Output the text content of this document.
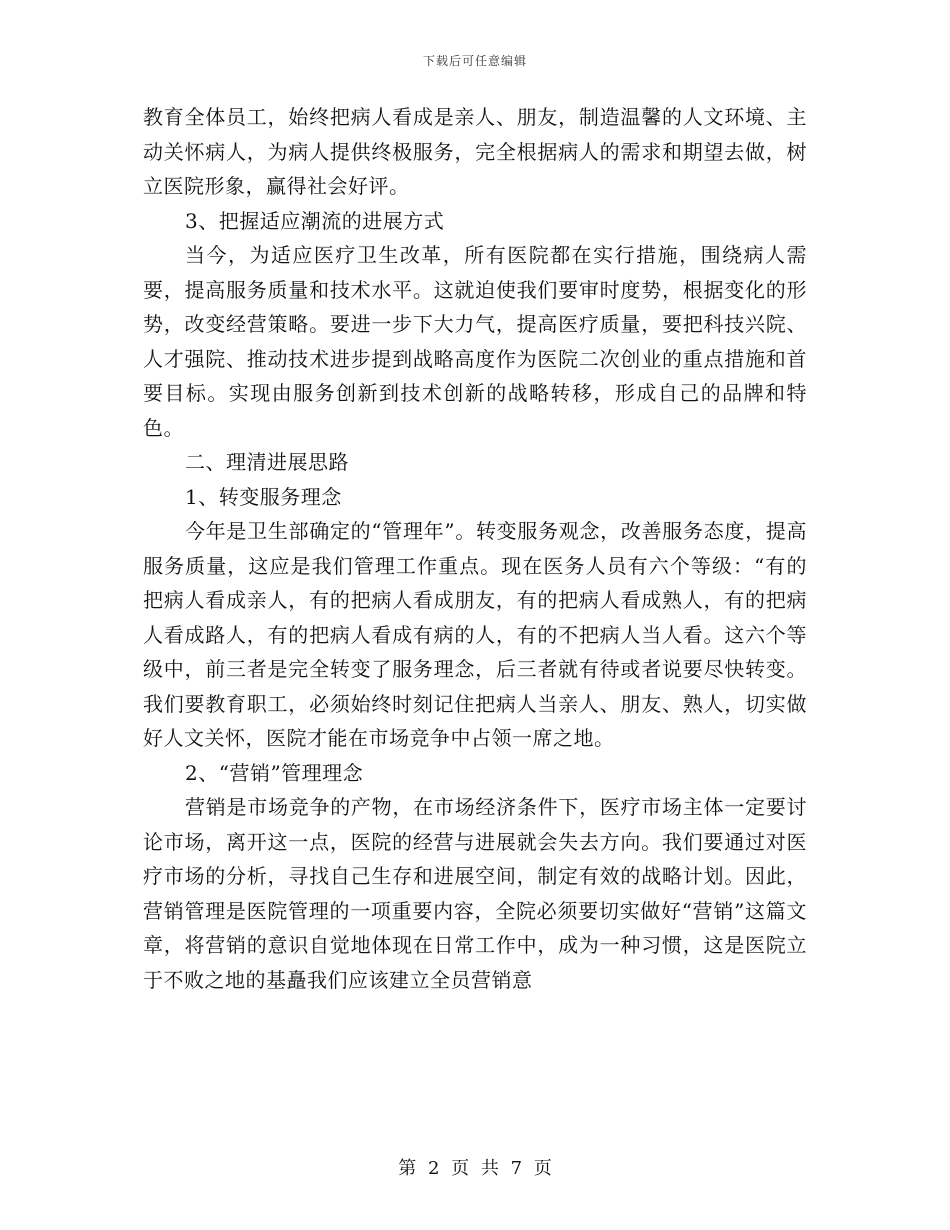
下载后可任意编辑

教育全体员工，始终把病人看成是亲人、朋友，制造温馨的人文环境、主动关怀病人，为病人提供终极服务，完全根据病人的需求和期望去做，树立医院形象，赢得社会好评。

3、把握适应潮流的进展方式

当今，为适应医疗卫生改革，所有医院都在实行措施，围绕病人需要，提高服务质量和技术水平。这就迫使我们要审时度势，根据变化的形势，改变经营策略。要进一步下大力气，提高医疗质量，要把科技兴院、人才强院、推动技术进步提到战略高度作为医院二次创业的重点措施和首要目标。实现由服务创新到技术创新的战略转移，形成自己的品牌和特色。

二、理清进展思路

1、转变服务理念

今年是卫生部确定的“管理年”。转变服务观念，改善服务态度，提高服务质量，这应是我们管理工作重点。现在医务人员有六个等级：“有的把病人看成亲人，有的把病人看成朋友，有的把病人看成熟人，有的把病人看成路人，有的把病人看成有病的人，有的不把病人当人看。这六个等级中，前三者是完全转变了服务理念，后三者就有待或者说要尽快转变。我们要教育职工，必须始终时刻记住把病人当亲人、朋友、熟人，切实做好人文关怀，医院才能在市场竞争中占领一席之地。

2、“营销”管理理念

营销是市场竞争的产物，在市场经济条件下，医疗市场主体一定要讨论市场，离开这一点，医院的经营与进展就会失去方向。我们要通过对医疗市场的分析，寻找自己生存和进展空间，制定有效的战略计划。因此，营销管理是医院管理的一项重要内容，全院必须要切实做好“营销”这篇文章，将营销的意识自觉地体现在日常工作中，成为一种习惯，这是医院立于不败之地的基矗我们应该建立全员营销意

第 2 页 共 7 页
